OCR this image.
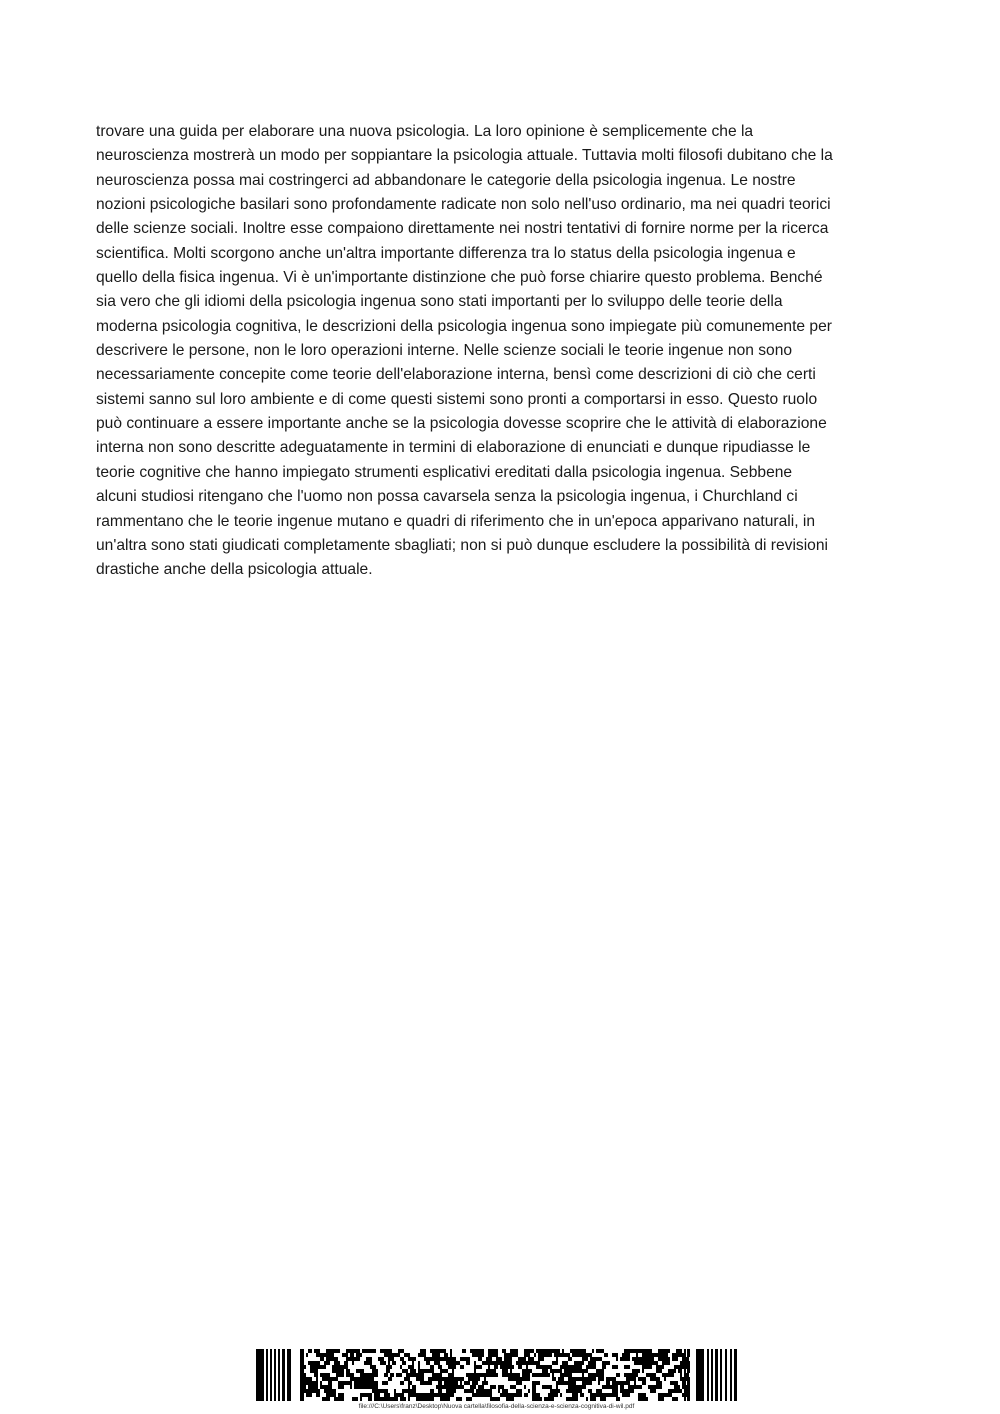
trovare una guida per elaborare una nuova psicologia. La loro opinione è semplicemente che la
neuroscienza mostrerà un modo per soppiantare la psicologia attuale. Tuttavia molti filosofi dubitano che la
neuroscienza possa mai costringerci ad abbandonare le categorie della psicologia ingenua. Le nostre
nozioni psicologiche basilari sono profondamente radicate non solo nell'uso ordinario, ma nei quadri teorici
delle scienze sociali. Inoltre esse compaiono direttamente nei nostri tentativi di fornire norme per la ricerca
scientifica. Molti scorgono anche un'altra importante differenza tra lo status della psicologia ingenua e
quello della fisica ingenua. Vi è un'importante distinzione che può forse chiarire questo problema. Benché
sia vero che gli idiomi della psicologia ingenua sono stati importanti per lo sviluppo delle teorie della
moderna psicologia cognitiva, le descrizioni della psicologia ingenua sono impiegate più comunemente per
descrivere le persone, non le loro operazioni interne. Nelle scienze sociali le teorie ingenue non sono
necessariamente concepite come teorie dell'elaborazione interna, bensì come descrizioni di ciò che certi
sistemi sanno sul loro ambiente e di come questi sistemi sono pronti a comportarsi in esso. Questo ruolo
può continuare a essere importante anche se la psicologia dovesse scoprire che le attività di elaborazione
interna non sono descritte adeguatamente in termini di elaborazione di enunciati e dunque ripudiasse le
teorie cognitive che hanno impiegato strumenti esplicativi ereditati dalla psicologia ingenua. Sebbene
alcuni studiosi ritengano che l'uomo non possa cavarsela senza la psicologia ingenua, i Churchland ci
rammentano che le teorie ingenue mutano e quadri di riferimento che in un'epoca apparivano naturali, in
un'altra sono stati giudicati completamente sbagliati; non si può dunque escludere la possibilità di revisioni
drastiche anche della psicologia attuale.

file:///C:\Users\franz\Desktop\Nuova cartella\filosofia-della-scienza-e-scienza-cognitiva-di-wil.pdf
